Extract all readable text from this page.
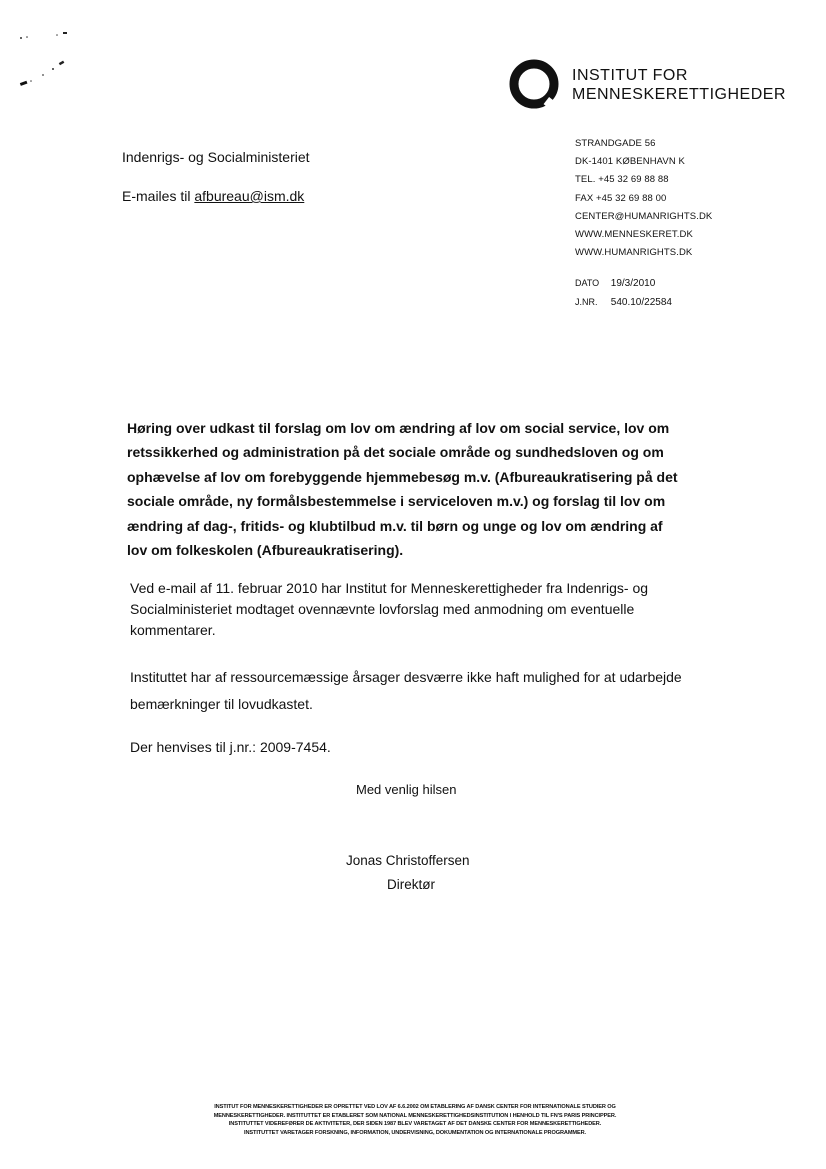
INSTITUT FOR
MENNESKERETTIGHEDER
Indenrigs- og Socialministeriet
E-mailes til afbureau@ism.dk
STRANDGADE 56
DK-1401 KØBENHAVN K
TEL. +45 32 69 88 88
FAX +45 32 69 88 00
CENTER@HUMANRIGHTS.DK
WWW.MENNESKERET.DK
WWW.HUMANRIGHTS.DK
DATO 19/3/2010
J.NR. 540.10/22584
Høring over udkast til forslag om lov om ændring af lov om social service, lov om
retssikkerhed og administration på det sociale område og sundhedsloven og om
ophævelse af lov om forebyggende hjemmebesøg m.v. (Afbureaukratisering på det
sociale område, ny formålsbestemmelse i serviceloven m.v.) og forslag til lov om
ændring af dag-, fritids- og klubtilbud m.v. til børn og unge og lov om ændring af
lov om folkeskolen (Afbureaukratisering).
Ved e-mail af 11. februar 2010 har Institut for Menneskerettigheder fra Indenrigs- og
Socialministeriet modtaget ovennævnte lovforslag med anmodning om eventuelle
kommentarer.
Instituttet har af ressourcemæssige årsager desværre ikke haft mulighed for at udarbejde
bemærkninger til lovudkastet.
Der henvises til j.nr.: 2009-7454.
Med venlig hilsen
Jonas Christoffersen
Direktør
INSTITUT FOR MENNESKERETTIGHEDER ER OPRETTET VED LOV AF 6.6.2002 OM ETABLERING AF DANSK CENTER FOR INTERNATIONALE STUDIER OG
MENNESKERETTIGHEDER. INSTITUTTET ER ETABLERET SOM NATIONAL MENNESKERETTIGHEDSINSTITUTION I HENHOLD TIL FN'S PARIS PRINCIPPER.
INSTITUTTET VIDEREFØRER DE AKTIVITETER, DER SIDEN 1987 BLEV VARETAGET AF DET DANSKE CENTER FOR MENNESKERETTIGHEDER.
INSTITUTTET VARETAGER FORSKNING, INFORMATION, UNDERVISNING, DOKUMENTATION OG INTERNATIONALE PROGRAMMER.
